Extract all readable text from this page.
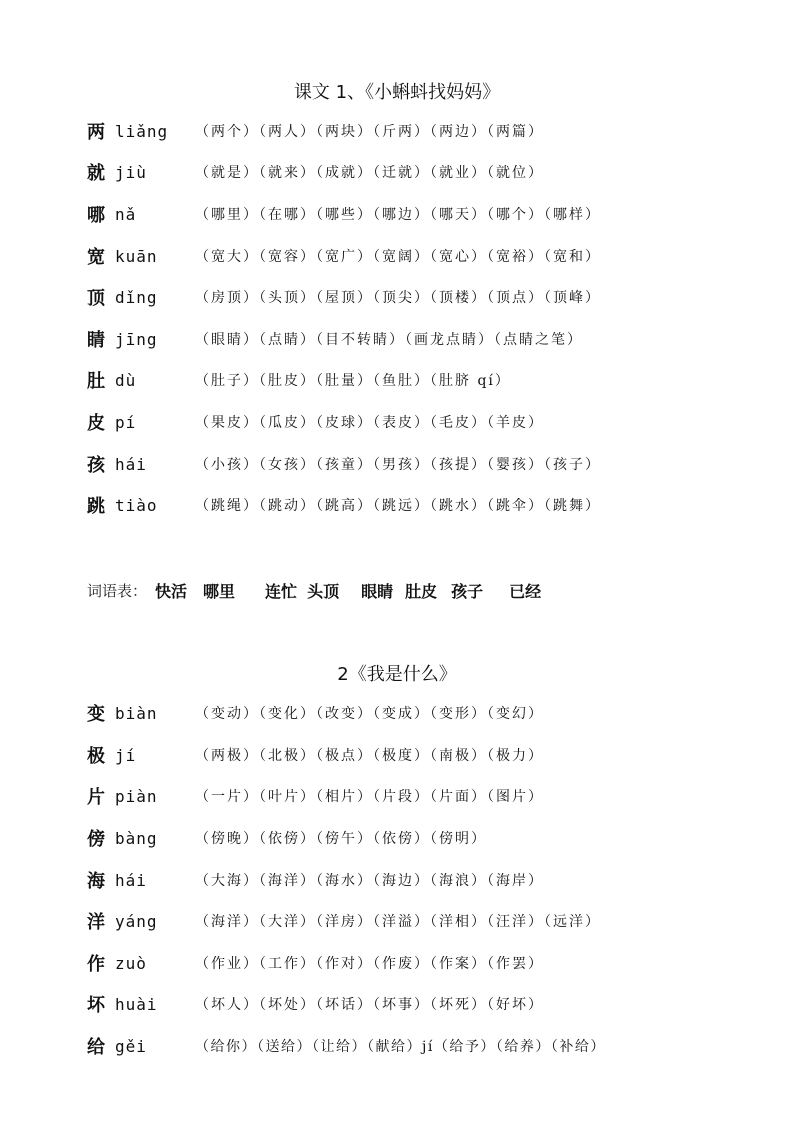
课文 1、《小蝌蚪找妈妈》
两 liǎng	（两个）（两人）（两块）（斤两）（两边）（两篇）
就 jiù	（就是）（就来）（成就）（迁就）（就业）（就位）
哪 nǎ	（哪里）（在哪）（哪些）（哪边）（哪天）（哪个）（哪样）
宽 kuān	（宽大）（宽容）（宽广）（宽阔）（宽心）（宽裕）（宽和）
顶 dǐng	（房顶）（头顶）（屋顶）（顶尖）（顶楼）（顶点）（顶峰）
睛 jīng	（眼睛）（点睛）（目不转睛）（画龙点睛）（点睛之笔）
肚 dù	（肚子）（肚皮）（肚量）（鱼肚）（肚脐 qí）
皮 pí	（果皮）（瓜皮）（皮球）（表皮）（毛皮）（羊皮）
孩 hái	（小孩）（女孩）（孩童）（男孩）（孩提）（婴孩）（孩子）
跳 tiào	（跳绳）（跳动）（跳高）（跳远）（跳水）（跳伞）（跳舞）
词语表： 快活 哪里 连忙 头顶 眼睛 肚皮 孩子 已经
2《我是什么》
变 biàn	（变动）（变化）（改变）（变成）（变形）（变幻）
极 jí	（两极）（北极）（极点）（极度）（南极）（极力）
片 piàn	（一片）（叶片）（相片）（片段）（片面）（图片）
傍 bàng	（傍晚）（依傍）（傍午）（依傍）（傍明）
海 hái	（大海）（海洋）（海水）（海边）（海浪）（海岸）
洋 yáng	（海洋）（大洋）（洋房）（洋溢）（洋相）（汪洋）（远洋）
作 zuò	（作业）（工作）（作对）（作废）（作案）（作罢）
坏 huài	（坏人）（坏处）（坏话）（坏事）（坏死）（好坏）
给 gěi	（给你）（送给）（让给）（献给）jí（给予）（给养）（补给）
